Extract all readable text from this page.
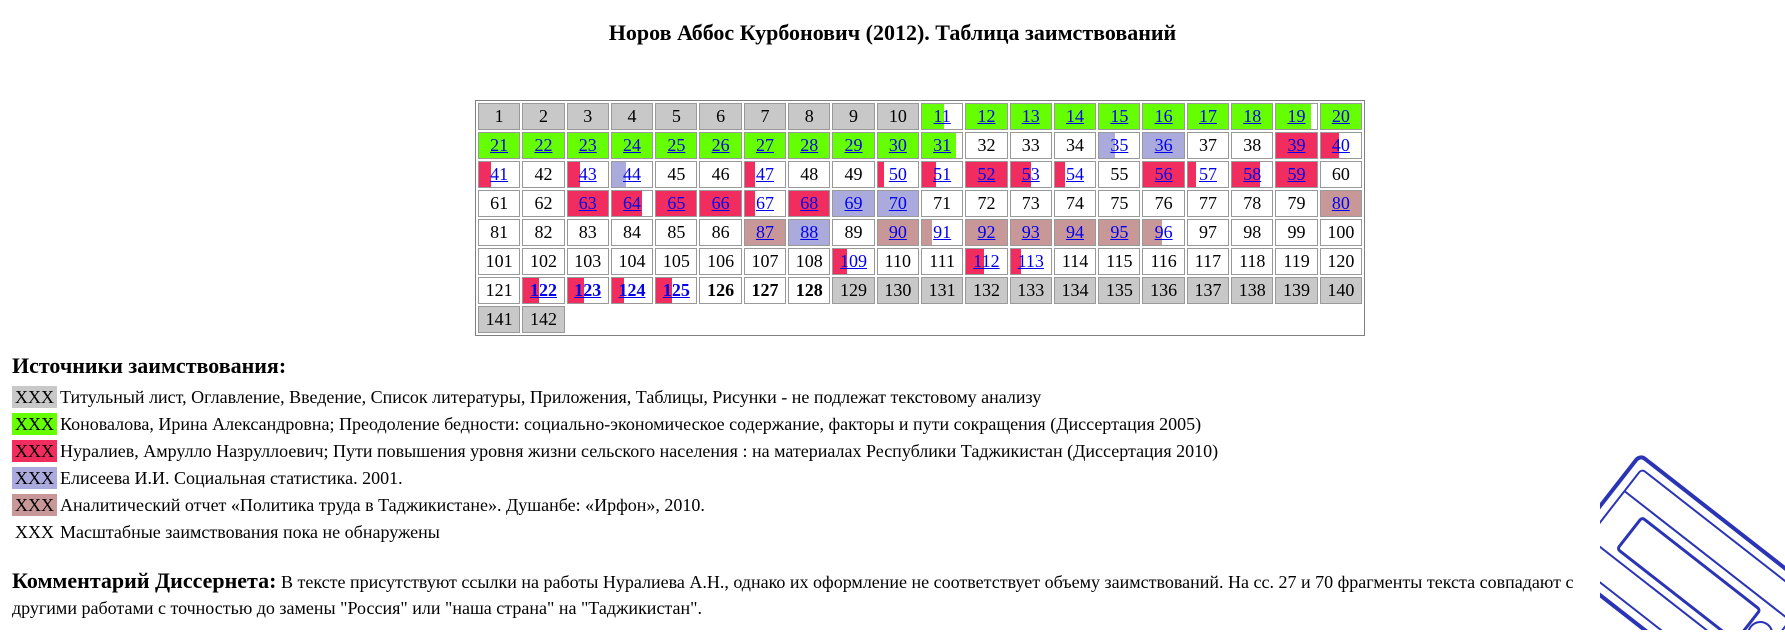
Норов Аббос Курбонович (2012). Таблица заимствований
1	2	3	4	5	6	7	8	9	10	11	12	13	14	15	16	17	18	19	20
21	22	23	24	25	26	27	28	29	30	31	32	33	34	35	36	37	38	39	40
41	42	43	44	45	46	47	48	49	50	51	52	53	54	55	56	57	58	59	60
61	62	63	64	65	66	67	68	69	70	71	72	73	74	75	76	77	78	79	80
81	82	83	84	85	86	87	88	89	90	91	92	93	94	95	96	97	98	99	100
101 102 103 104 105 106 107 108 109 110	111	112 113 114 115 116 117 118 119 120
121 122 123 124 125 126 127 128 129 130 131 132 133 134 135 136 137 138 139 140
141 142
Источники заимствования:
XXX Титульный лист, Оглавление, Введение, Список литературы, Приложения, Таблицы, Рисунки - не подлежат текстовому анализу
XXX Коновалова, Ирина Александровна; Преодоление бедности: социально-экономическое содержание, факторы и пути сокращения (Диссертация 2005)
XXX Нуралиев, Амрулло Назруллоевич; Пути повышения уровня жизни сельского населения : на материалах Республики Таджикистан (Диссертация 2010)
XXX Елисеева И.И. Социальная статистика. 2001.
XXX Аналитический отчет «Политика труда в Таджикистане». Душанбе: «Ирфон», 2010.
XXX Масштабные заимствования пока не обнаружены
Комментарий Диссернета: В тексте присутствуют ссылки на работы Нуралиева А.Н., однако их оформление не соответствует объему заимствований. На сс. 27 и 70 фрагменты текста совпадают с другими работами с точностью до замены "Россия" или "наша страна" на "Таджикистан".
